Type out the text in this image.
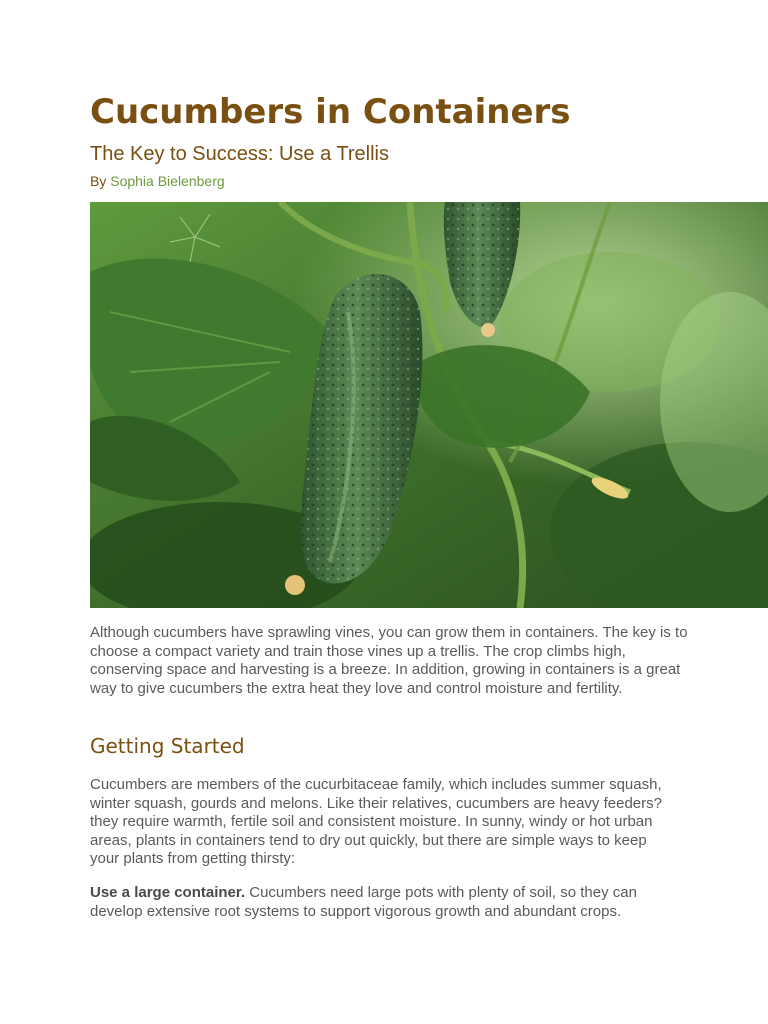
Cucumbers in Containers
The Key to Success: Use a Trellis
By Sophia Bielenberg

Although cucumbers have sprawling vines, you can grow them in containers. The key is to choose a compact variety and train those vines up a trellis. The crop climbs high, conserving space and harvesting is a breeze. In addition, growing in containers is a great way to give cucumbers the extra heat they love and control moisture and fertility.

Getting Started

Cucumbers are members of the cucurbitaceae family, which includes summer squash, winter squash, gourds and melons. Like their relatives, cucumbers are heavy feeders?they require warmth, fertile soil and consistent moisture. In sunny, windy or hot urban areas, plants in containers tend to dry out quickly, but there are simple ways to keep your plants from getting thirsty:

Use a large container. Cucumbers need large pots with plenty of soil, so they can develop extensive root systems to support vigorous growth and abundant crops.
